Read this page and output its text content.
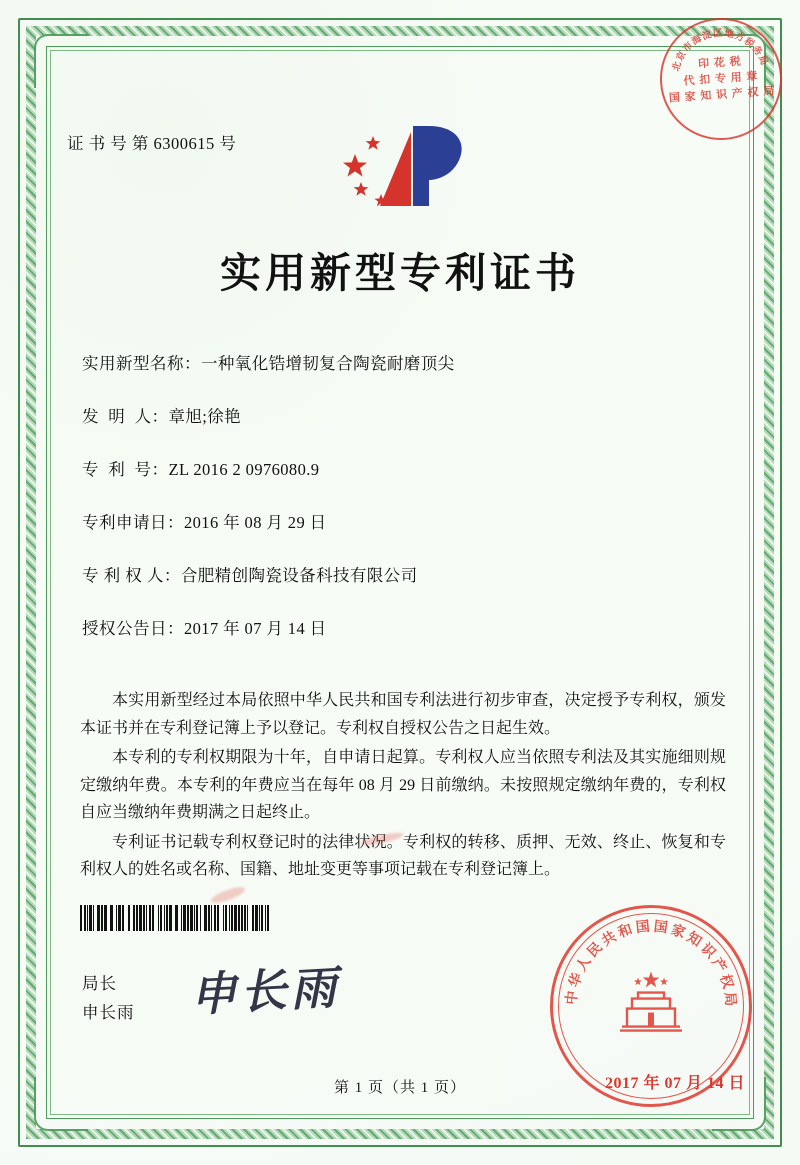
证 书 号 第 6300615 号
实用新型专利证书
实用新型名称： 一种氧化锆增韧复合陶瓷耐磨顶尖
发  明  人： 章旭;徐艳
专  利  号： ZL 2016 2 0976080.9
专利申请日： 2016 年 08 月 29 日
专 利 权 人： 合肥精创陶瓷设备科技有限公司
授权公告日： 2017 年 07 月 14 日

本实用新型经过本局依照中华人民共和国专利法进行初步审查，决定授予专利权，颁发本证书并在专利登记簿上予以登记。专利权自授权公告之日起生效。

本专利的专利权期限为十年，自申请日起算。专利权人应当依照专利法及其实施细则规定缴纳年费。本专利的年费应当在每年 08 月 29 日前缴纳。未按照规定缴纳年费的，专利权自应当缴纳年费期满之日起终止。

专利证书记载专利权登记时的法律状况。专利权的转移、质押、无效、终止、恢复和专利权人的姓名或名称、国籍、地址变更等事项记载在专利登记簿上。

局长
申长雨 申长雨
第 1 页（共 1 页）
北
京
市
海
淀 区 地
方
税
务
局
印 花 税
代 扣 专 用 章
国 家 知 识 产 权 局
中
华
人
民
共
和 国 国 家
知
识
产
权
局
2017 年 07 月 14 日
